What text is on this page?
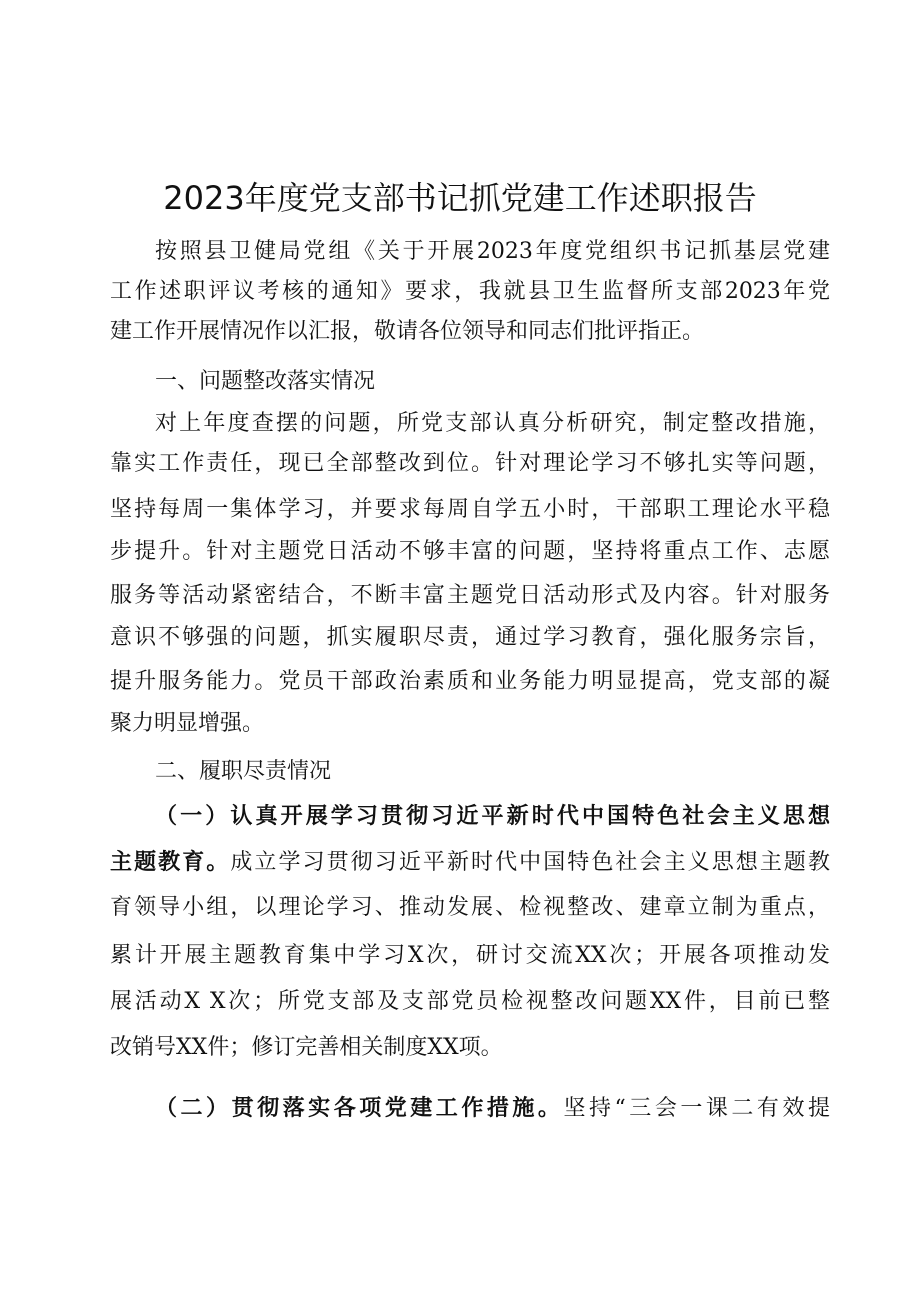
2023年度党支部书记抓党建工作述职报告
按照县卫健局党组《关于开展2023年度党组织书记抓基层党建
工作述职评议考核的通知》要求，我就县卫生监督所支部2023年党
建工作开展情况作以汇报，敬请各位领导和同志们批评指正。
一、问题整改落实情况
对上年度查摆的问题，所党支部认真分析研究，制定整改措施，
靠实工作责任，现已全部整改到位。针对理论学习不够扎实等问题，
坚持每周一集体学习，并要求每周自学五小时，干部职工理论水平稳
步提升。针对主题党日活动不够丰富的问题，坚持将重点工作、志愿
服务等活动紧密结合，不断丰富主题党日活动形式及内容。针对服务
意识不够强的问题，抓实履职尽责，通过学习教育，强化服务宗旨，
提升服务能力。党员干部政治素质和业务能力明显提高，党支部的凝
聚力明显增强。
二、履职尽责情况
（一）认真开展学习贯彻习近平新时代中国特色社会主义思想
主题教育。成立学习贯彻习近平新时代中国特色社会主义思想主题教
育领导小组，以理论学习、推动发展、检视整改、建章立制为重点，
累计开展主题教育集中学习X次，研讨交流XX次；开展各项推动发
展活动X X次；所党支部及支部党员检视整改问题XX件，目前已整
改销号XX件；修订完善相关制度XX项。
（二）贯彻落实各项党建工作措施。坚持“三会一课二有效提
